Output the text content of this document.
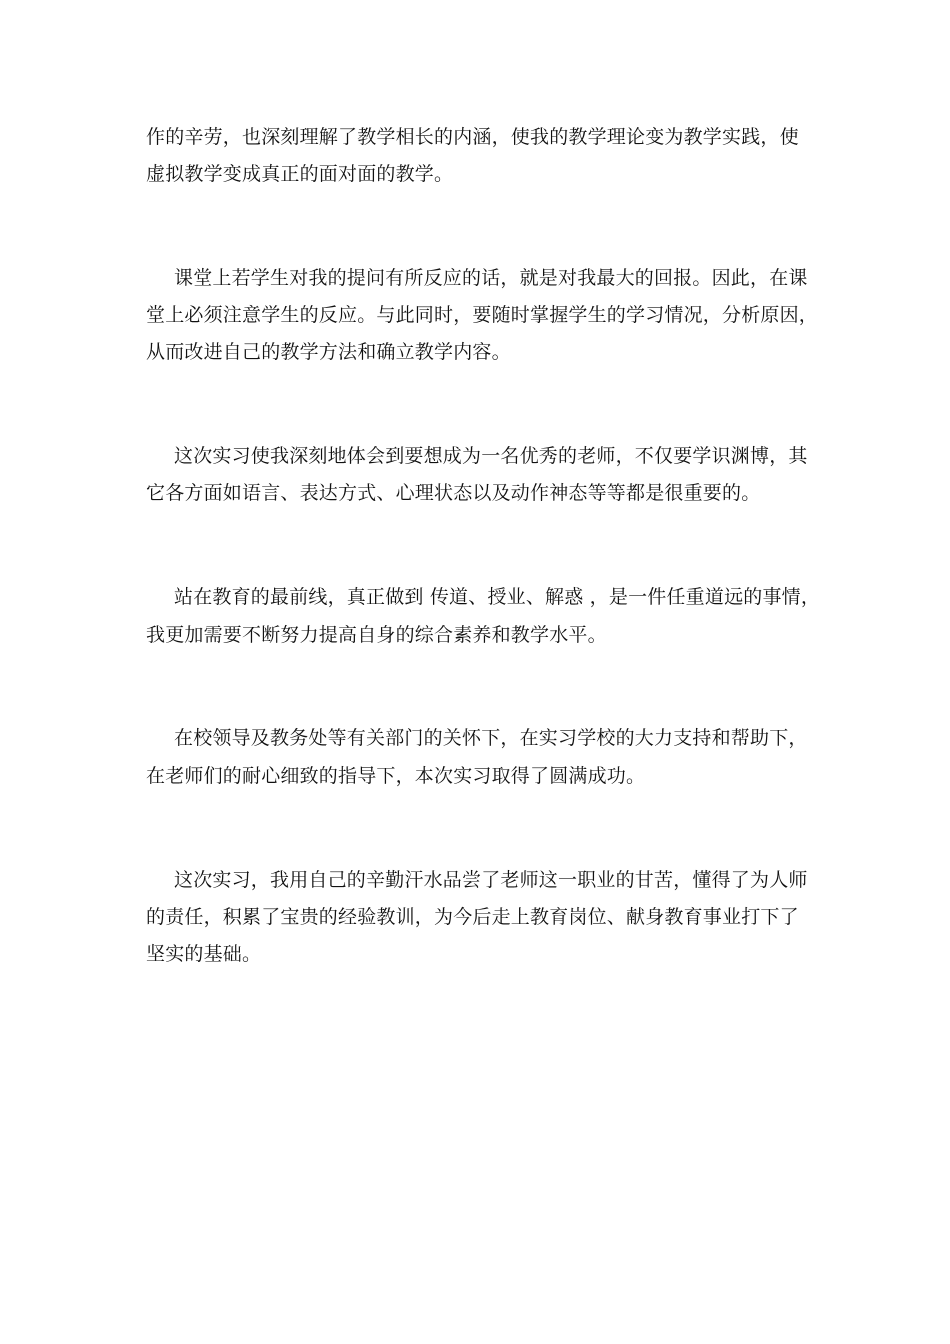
作的辛劳，也深刻理解了教学相长的内涵，使我的教学理论变为教学实践，使

虚拟教学变成真正的面对面的教学。

课堂上若学生对我的提问有所反应的话，就是对我最大的回报。因此，在课

堂上必须注意学生的反应。与此同时，要随时掌握学生的学习情况，分析原因，

从而改进自己的教学方法和确立教学内容。

这次实习使我深刻地体会到要想成为一名优秀的老师，不仅要学识渊博，其

它各方面如语言、表达方式、心理状态以及动作神态等等都是很重要的。

站在教育的最前线，真正做到 传道、授业、解惑 ，是一件任重道远的事情，

我更加需要不断努力提高自身的综合素养和教学水平。

在校领导及教务处等有关部门的关怀下，在实习学校的大力支持和帮助下，

在老师们的耐心细致的指导下，本次实习取得了圆满成功。

这次实习，我用自己的辛勤汗水品尝了老师这一职业的甘苦，懂得了为人师

的责任，积累了宝贵的经验教训，为今后走上教育岗位、献身教育事业打下了

坚实的基础。
